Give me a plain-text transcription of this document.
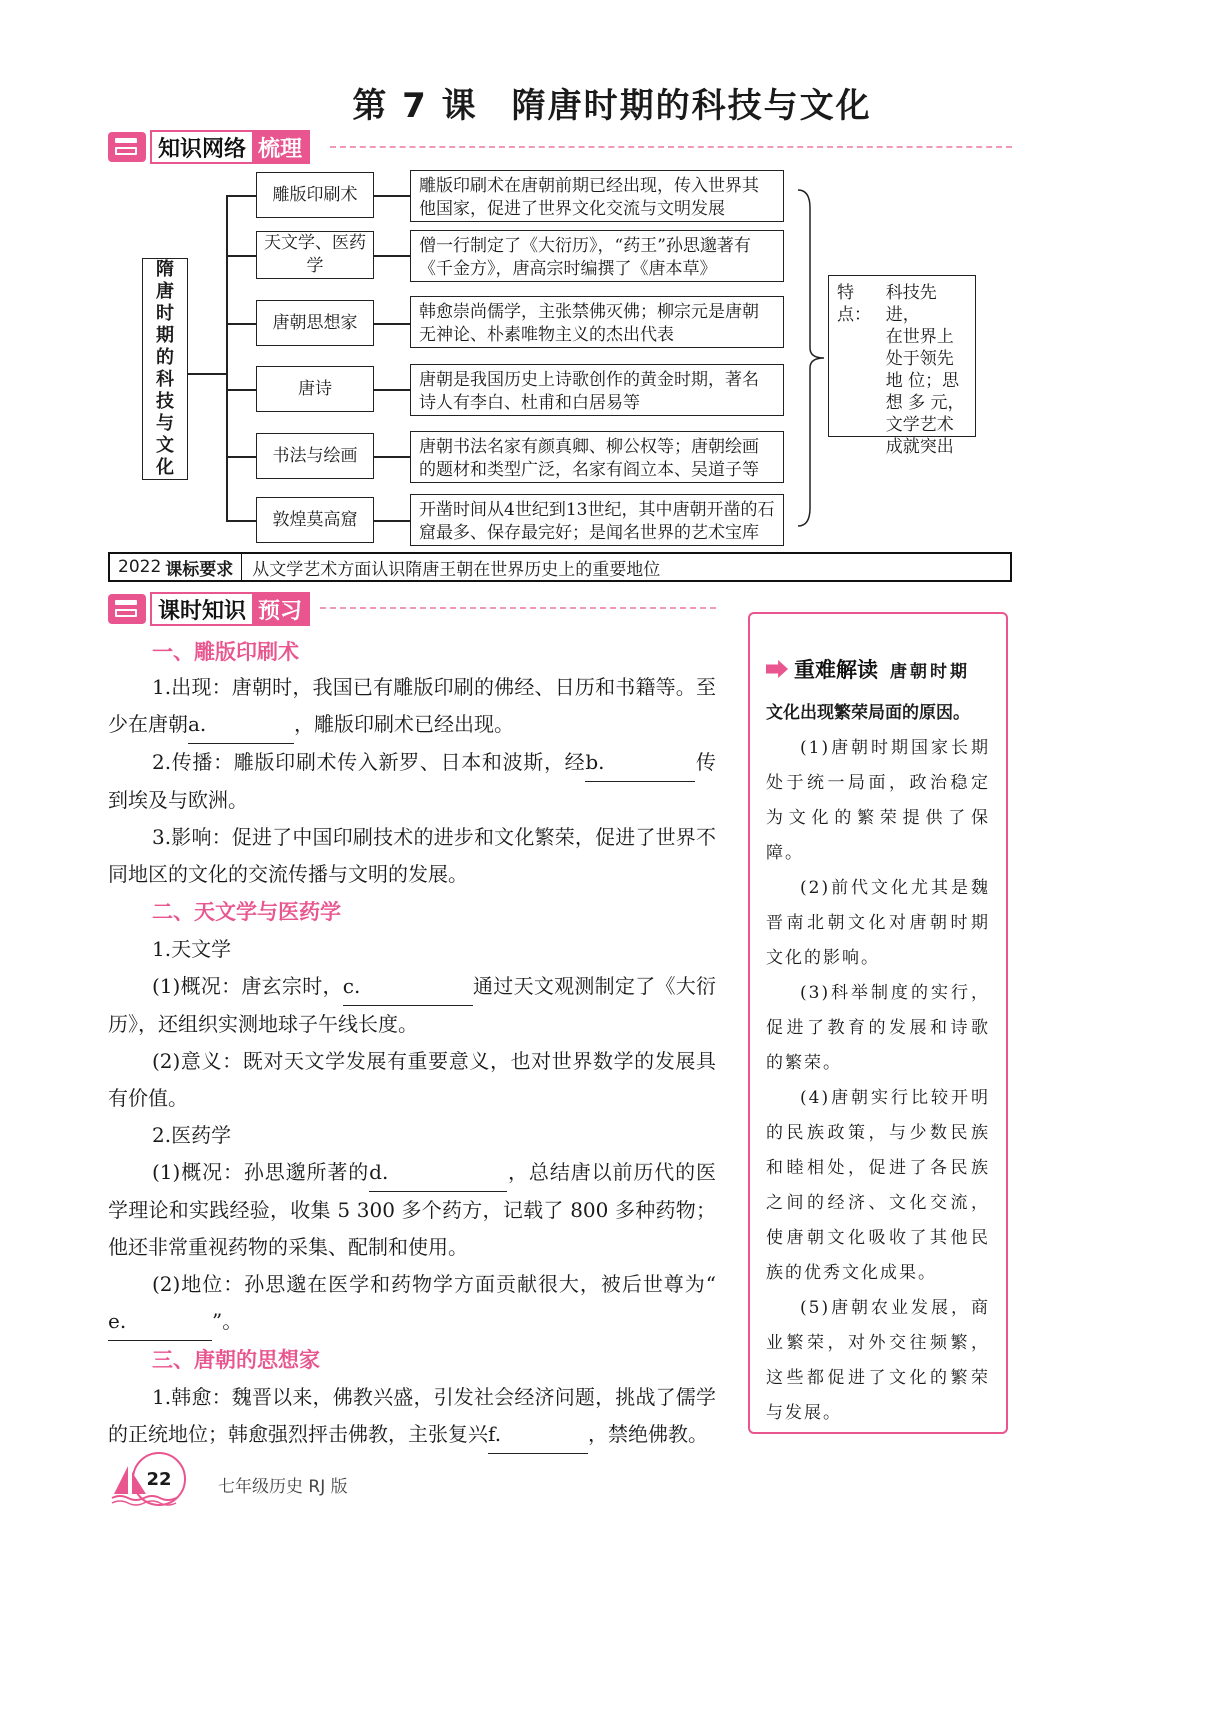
第 7 课 隋唐时期的科技与文化
知识网络 梳理
隋
唐
时
期
的
科
技
与
文
化
雕版印刷术
天文学、医药学
唐朝思想家
唐诗
书法与绘画
敦煌莫高窟
雕版印刷术在唐朝前期已经出现，传入世界其他国家，促进了世界文化交流与文明发展
僧一行制定了《大衍历》，“药王”孙思邈著有《千金方》，唐高宗时编撰了《唐本草》
韩愈崇尚儒学，主张禁佛灭佛；柳宗元是唐朝无神论、朴素唯物主义的杰出代表
唐朝是我国历史上诗歌创作的黄金时期，著名诗人有李白、杜甫和白居易等
唐朝书法名家有颜真卿、柳公权等；唐朝绘画的题材和类型广泛，名家有阎立本、吴道子等
开凿时间从4世纪到13世纪，其中唐朝开凿的石窟最多、保存最完好；是闻名世界的艺术宝库
特点：
科技先进，
在世界上
处于领先
地 位；思
想 多 元，
文学艺术
成就突出
2022 课标要求	从文学艺术方面认识隋唐王朝在世界历史上的重要地位
课时知识 预习
一、雕版印刷术
1.出现：唐朝时，我国已有雕版印刷的佛经、日历和书籍等。至少在唐朝a.	，雕版印刷术已经出现。
2.传播：雕版印刷术传入新罗、日本和波斯，经b.	传到埃及与欧洲。
3.影响：促进了中国印刷技术的进步和文化繁荣，促进了世界不同地区的文化的交流传播与文明的发展。
二、天文学与医药学
1.天文学
(1)概况：唐玄宗时，c.	通过天文观测制定了《大衍历》，还组织实测地球子午线长度。
(2)意义：既对天文学发展有重要意义，也对世界数学的发展具有价值。
2.医药学
(1)概况：孙思邈所著的d.	，总结唐以前历代的医学理论和实践经验，收集 5 300 多个药方，记载了 800 多种药物；他还非常重视药物的采集、配制和使用。
(2)地位：孙思邈在医学和药物学方面贡献很大，被后世尊为“e.	”。
三、唐朝的思想家
1.韩愈：魏晋以来，佛教兴盛，引发社会经济问题，挑战了儒学的正统地位；韩愈强烈抨击佛教，主张复兴f.	，禁绝佛教。
重难解读 唐朝时期
文化出现繁荣局面的原因。

(1)唐朝时期国家长期处于统一局面，政治稳定为文化的繁荣提供了保障。

(2)前代文化尤其是魏晋南北朝文化对唐朝时期文化的影响。

(3)科举制度的实行，促进了教育的发展和诗歌的繁荣。

(4)唐朝实行比较开明的民族政策，与少数民族和睦相处，促进了各民族之间的经济、文化交流，使唐朝文化吸收了其他民族的优秀文化成果。

(5)唐朝农业发展，商业繁荣，对外交往频繁，这些都促进了文化的繁荣与发展。

22	七年级历史 RJ 版
